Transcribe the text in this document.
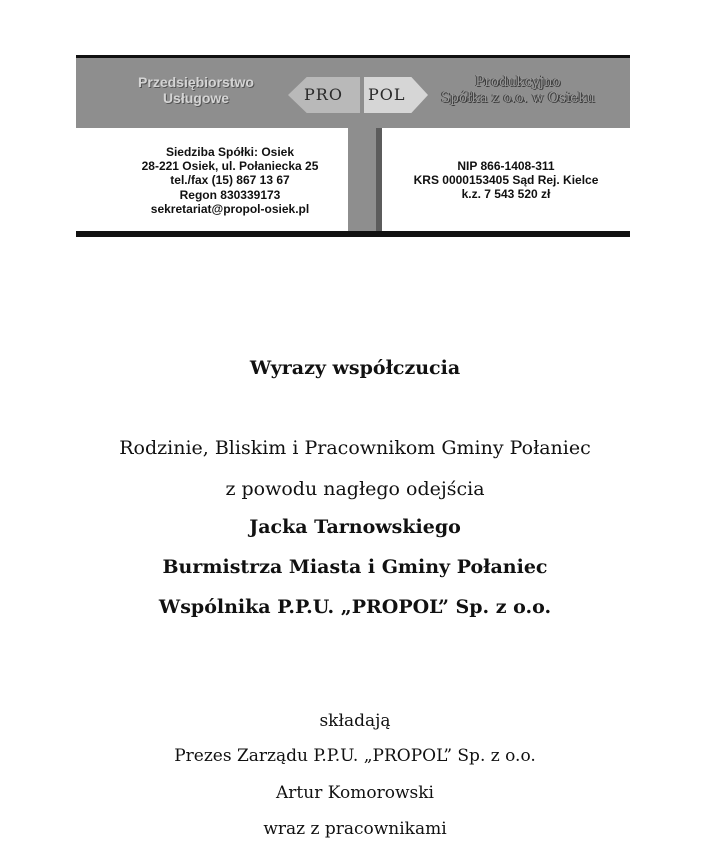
PRO POL
Przedsiębiorstwo
Usługowe
Produkcyjno
Spółka z o.o. w Osieku
Siedziba Spółki: Osiek
28-221 Osiek, ul. Połaniecka 25
tel./fax (15) 867 13 67
Regon 830339173
sekretariat@propol-osiek.pl
NIP 866-1408-311
KRS 0000153405 Sąd Rej. Kielce
k.z. 7 543 520 zł
Wyrazy współczucia
Rodzinie, Bliskim i Pracownikom Gminy Połaniec
z powodu nagłego odejścia
Jacka Tarnowskiego
Burmistrza Miasta i Gminy Połaniec
Wspólnika P.P.U. „PROPOL” Sp. z o.o.
składają
Prezes Zarządu P.P.U. „PROPOL” Sp. z o.o.
Artur Komorowski
wraz z pracownikami
